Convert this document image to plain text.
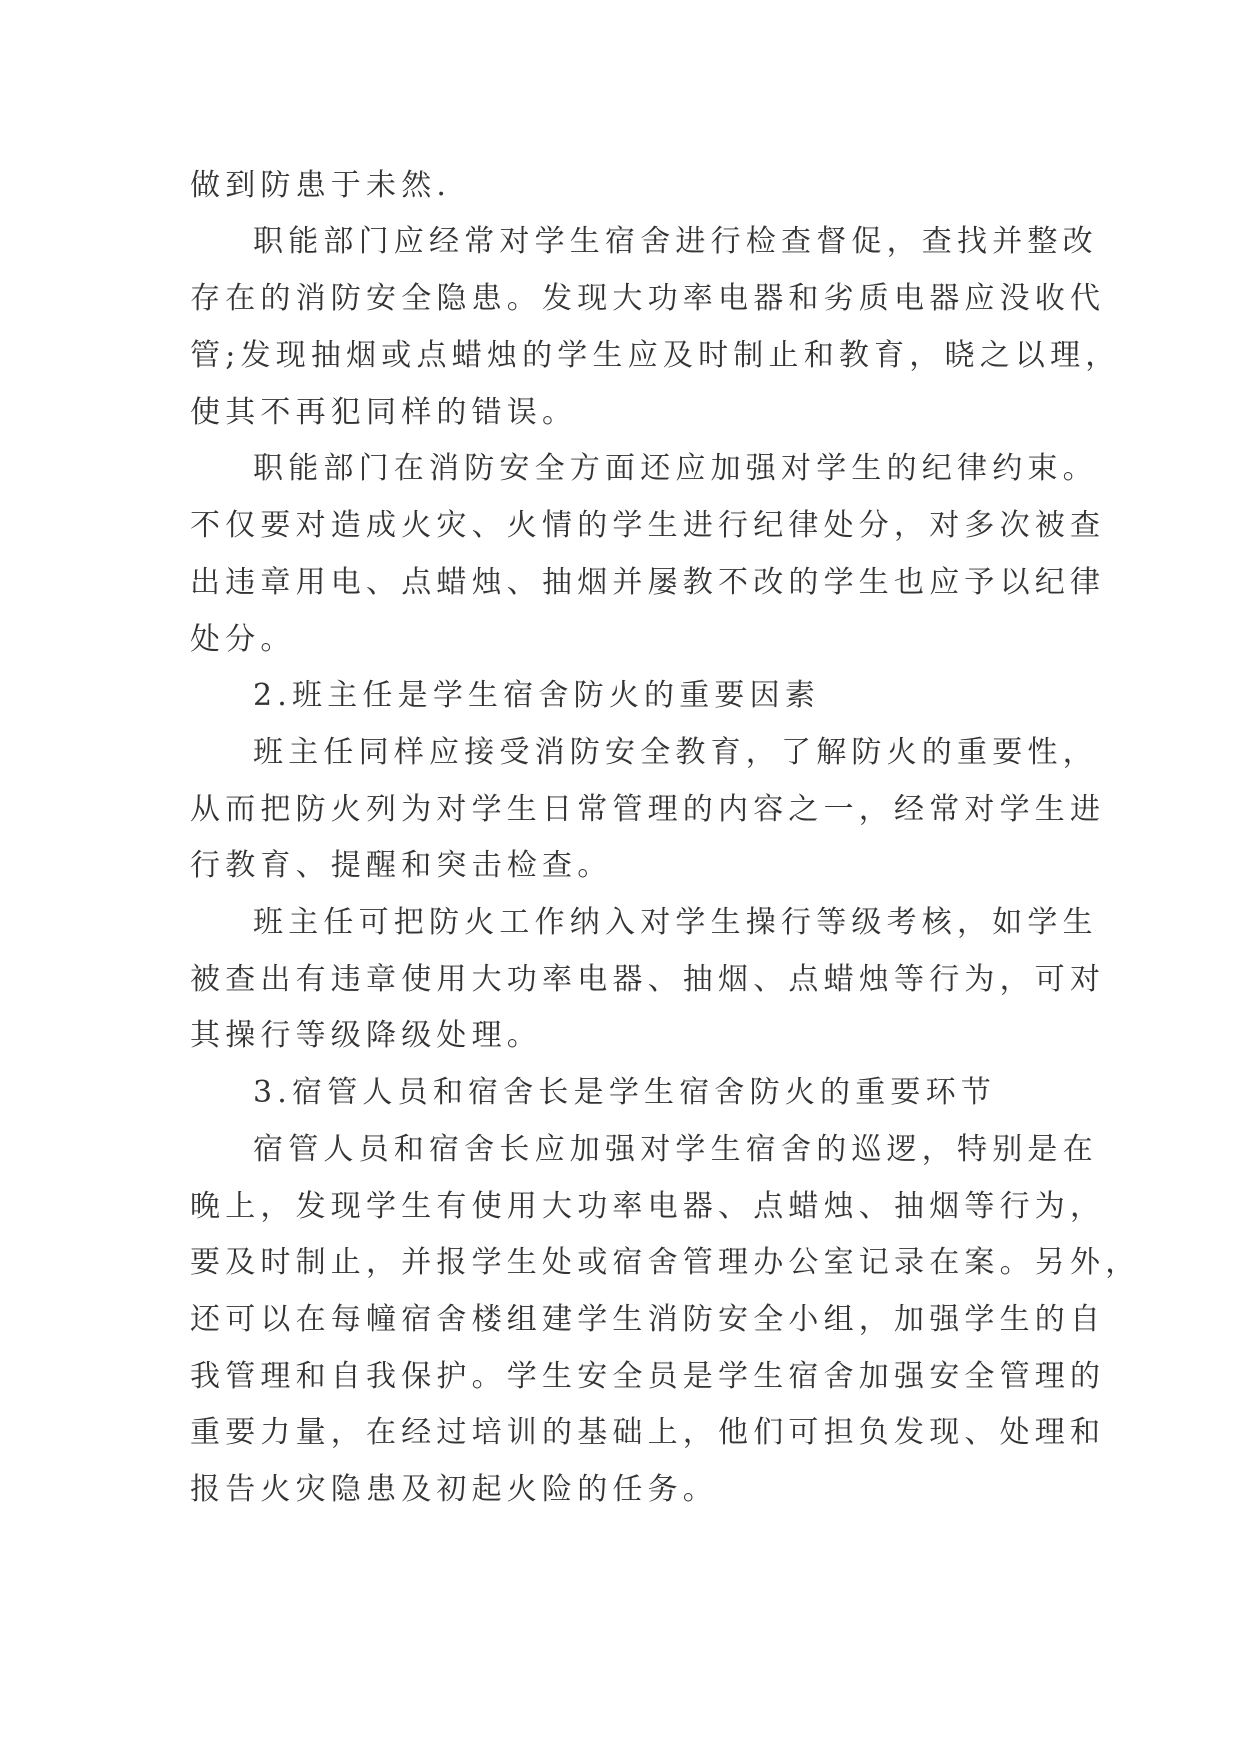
做到防患于未然.
职能部门应经常对学生宿舍进行检查督促，查找并整改
存在的消防安全隐患。发现大功率电器和劣质电器应没收代
管;发现抽烟或点蜡烛的学生应及时制止和教育，晓之以理，
使其不再犯同样的错误。
职能部门在消防安全方面还应加强对学生的纪律约束。
不仅要对造成火灾、火情的学生进行纪律处分，对多次被查
出违章用电、点蜡烛、抽烟并屡教不改的学生也应予以纪律
处分。
2.班主任是学生宿舍防火的重要因素
班主任同样应接受消防安全教育，了解防火的重要性，
从而把防火列为对学生日常管理的内容之一，经常对学生进
行教育、提醒和突击检查。
班主任可把防火工作纳入对学生操行等级考核，如学生
被查出有违章使用大功率电器、抽烟、点蜡烛等行为，可对
其操行等级降级处理。
3.宿管人员和宿舍长是学生宿舍防火的重要环节
宿管人员和宿舍长应加强对学生宿舍的巡逻，特别是在
晚上，发现学生有使用大功率电器、点蜡烛、抽烟等行为，
要及时制止，并报学生处或宿舍管理办公室记录在案。另外，
还可以在每幢宿舍楼组建学生消防安全小组，加强学生的自
我管理和自我保护。学生安全员是学生宿舍加强安全管理的
重要力量，在经过培训的基础上，他们可担负发现、处理和
报告火灾隐患及初起火险的任务。
